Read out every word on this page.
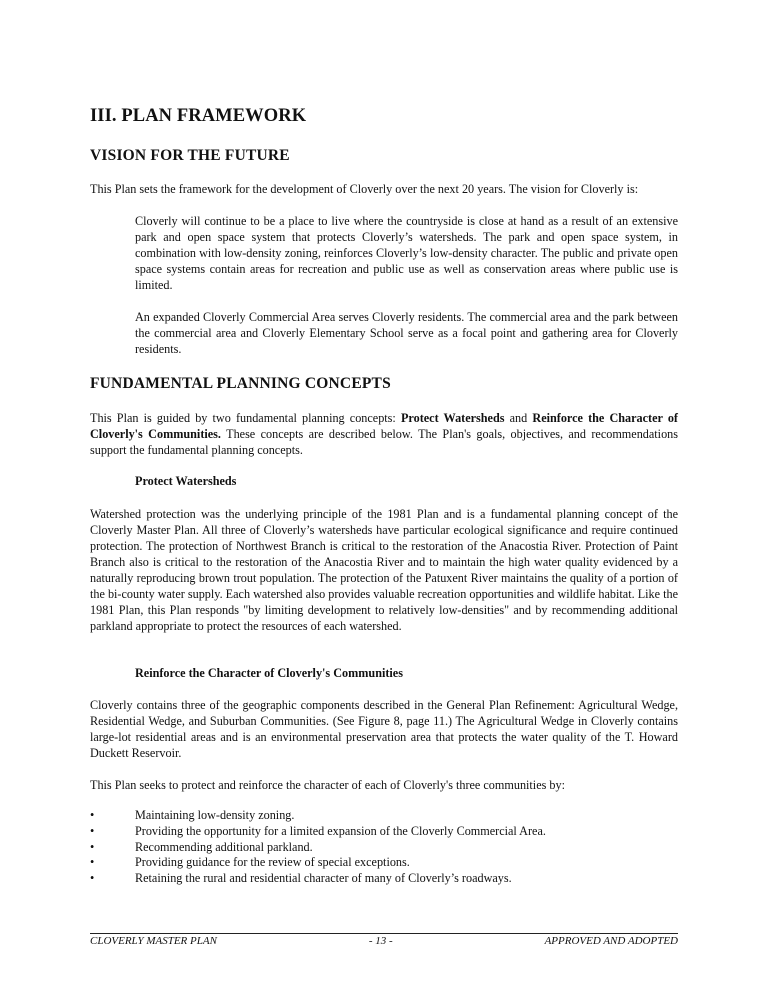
III. PLAN FRAMEWORK
VISION FOR THE FUTURE

This Plan sets the framework for the development of Cloverly over the next 20 years. The vision for Cloverly is:

Cloverly will continue to be a place to live where the countryside is close at hand as a result of an extensive park and open space system that protects Cloverly’s watersheds. The park and open space system, in combination with low-density zoning, reinforces Cloverly’s low-density character. The public and private open space systems contain areas for recreation and public use as well as conservation areas where public use is limited.

An expanded Cloverly Commercial Area serves Cloverly residents. The commercial area and the park between the commercial area and Cloverly Elementary School serve as a focal point and gathering area for Cloverly residents.

FUNDAMENTAL PLANNING CONCEPTS

This Plan is guided by two fundamental planning concepts: Protect Watersheds and Reinforce the Character of Cloverly's Communities. These concepts are described below. The Plan's goals, objectives, and recommendations support the fundamental planning concepts.

Protect Watersheds

Watershed protection was the underlying principle of the 1981 Plan and is a fundamental planning concept of the Cloverly Master Plan. All three of Cloverly’s watersheds have particular ecological significance and require continued protection. The protection of Northwest Branch is critical to the restoration of the Anacostia River. Protection of Paint Branch also is critical to the restoration of the Anacostia River and to maintain the high water quality evidenced by a naturally reproducing brown trout population. The protection of the Patuxent River maintains the quality of a portion of the bi-county water supply. Each watershed also provides valuable recreation opportunities and wildlife habitat. Like the 1981 Plan, this Plan responds "by limiting development to relatively low-densities" and by recommending additional parkland appropriate to protect the resources of each watershed.

Reinforce the Character of Cloverly's Communities

Cloverly contains three of the geographic components described in the General Plan Refinement: Agricultural Wedge, Residential Wedge, and Suburban Communities. (See Figure 8, page 11.) The Agricultural Wedge in Cloverly contains large-lot residential areas and is an environmental preservation area that protects the water quality of the T. Howard Duckett Reservoir.

This Plan seeks to protect and reinforce the character of each of Cloverly's three communities by:

•	Maintaining low-density zoning.
•	Providing the opportunity for a limited expansion of the Cloverly Commercial Area.
•	Recommending additional parkland.
•	Providing guidance for the review of special exceptions.
•	Retaining the rural and residential character of many of Cloverly’s roadways.
CLOVERLY MASTER PLAN	- 13 -	APPROVED AND ADOPTED
